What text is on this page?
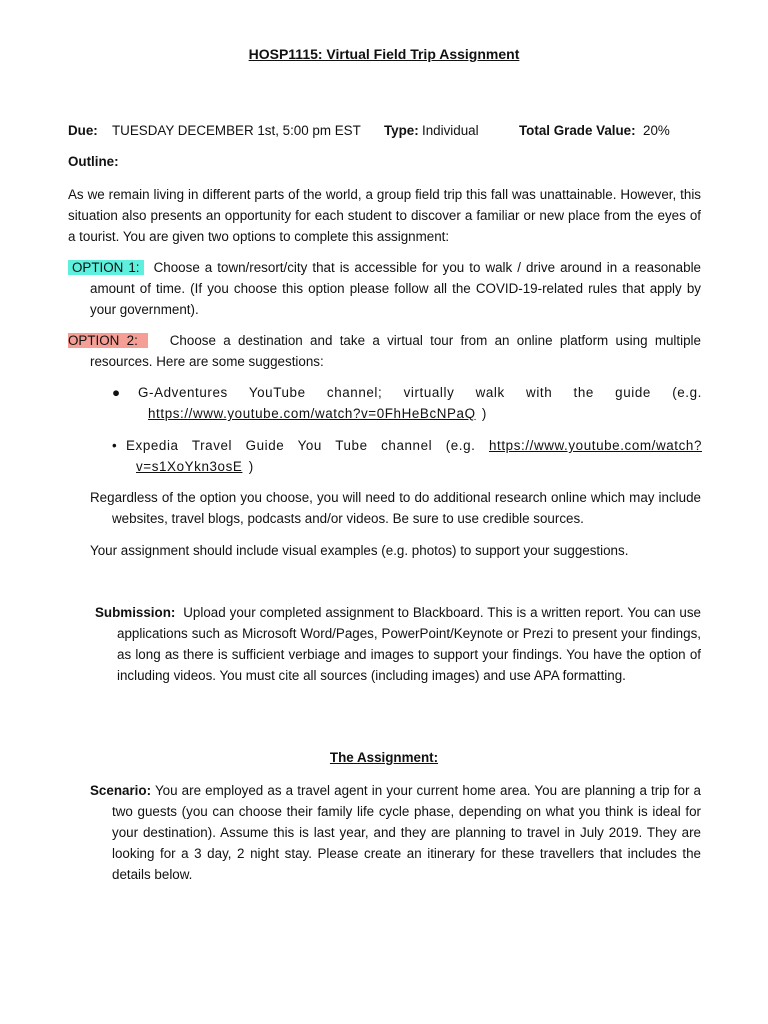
HOSP1115: Virtual Field Trip Assignment
Due: TUESDAY DECEMBER 1st, 5:00 pm EST Type: Individual	Total Grade Value: 20%
Outline:
As we remain living in different parts of the world, a group field trip this fall was unattainable. However, this situation also presents an opportunity for each student to discover a familiar or new place from the eyes of a tourist. You are given two options to complete this assignment:
OPTION 1: Choose a town/resort/city that is accessible for you to walk / drive around in a reasonable amount of time. (If you choose this option please follow all the COVID-19-related rules that apply by your government).
OPTION 2: Choose a destination and take a virtual tour from an online platform using multiple resources. Here are some suggestions:
● G-Adventures YouTube channel; virtually walk with the guide (e.g. https://www.youtube.com/watch?v=0FhHeBcNPaQ )
• Expedia Travel Guide You Tube channel (e.g. https://www.youtube.com/watch?v=s1XoYkn3osE )
Regardless of the option you choose, you will need to do additional research online which may include websites, travel blogs, podcasts and/or videos. Be sure to use credible sources.
Your assignment should include visual examples (e.g. photos) to support your suggestions.
Submission: Upload your completed assignment to Blackboard. This is a written report. You can use applications such as Microsoft Word/Pages, PowerPoint/Keynote or Prezi to present your findings, as long as there is sufficient verbiage and images to support your findings. You have the option of including videos. You must cite all sources (including images) and use APA formatting.
The Assignment:
Scenario: You are employed as a travel agent in your current home area. You are planning a trip for a two guests (you can choose their family life cycle phase, depending on what you think is ideal for your destination). Assume this is last year, and they are planning to travel in July 2019. They are looking for a 3 day, 2 night stay. Please create an itinerary for these travellers that includes the details below.
